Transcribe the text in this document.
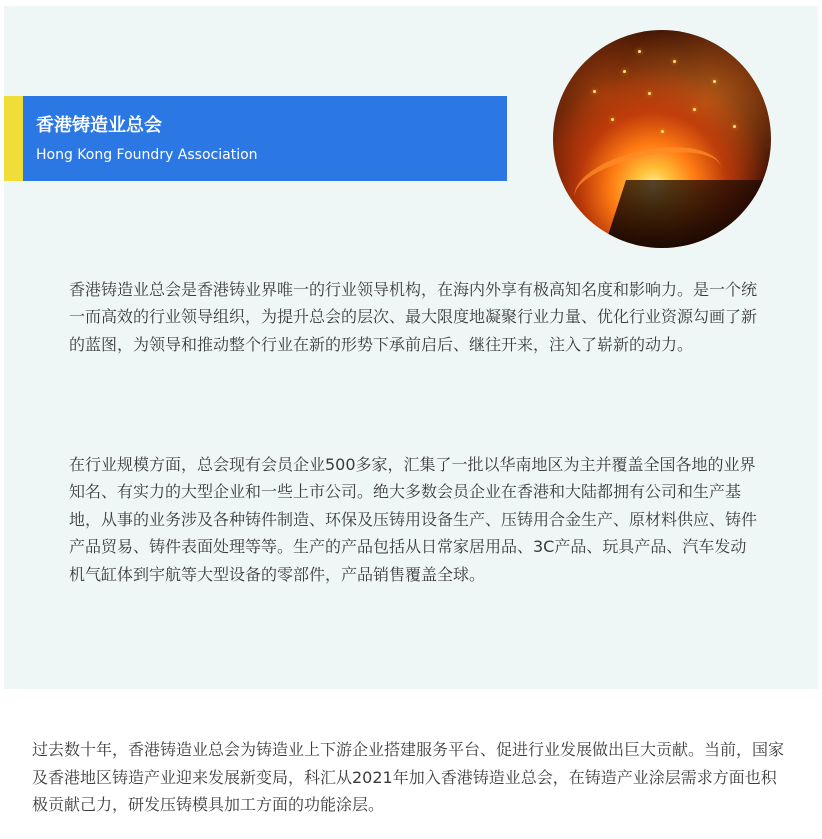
香港铸造业总会
Hong Kong Foundry Association

香港铸造业总会是香港铸业界唯一的行业领导机构，在海内外享有极高知名度和影响力。是一个统一而高效的行业领导组织，为提升总会的层次、最大限度地凝聚行业力量、优化行业资源勾画了新的蓝图，为领导和推动整个行业在新的形势下承前启后、继往开来，注入了崭新的动力。

在行业规模方面，总会现有会员企业500多家，汇集了一批以华南地区为主并覆盖全国各地的业界知名、有实力的大型企业和一些上市公司。绝大多数会员企业在香港和大陆都拥有公司和生产基地，从事的业务涉及各种铸件制造、环保及压铸用设备生产、压铸用合金生产、原材料供应、铸件产品贸易、铸件表面处理等等。生产的产品包括从日常家居用品、3C产品、玩具产品、汽车发动机气缸体到宇航等大型设备的零部件，产品销售覆盖全球。

过去数十年，香港铸造业总会为铸造业上下游企业搭建服务平台、促进行业发展做出巨大贡献。当前，国家及香港地区铸造产业迎来发展新变局，科汇从2021年加入香港铸造业总会，在铸造产业涂层需求方面也积极贡献己力，研发压铸模具加工方面的功能涂层。
